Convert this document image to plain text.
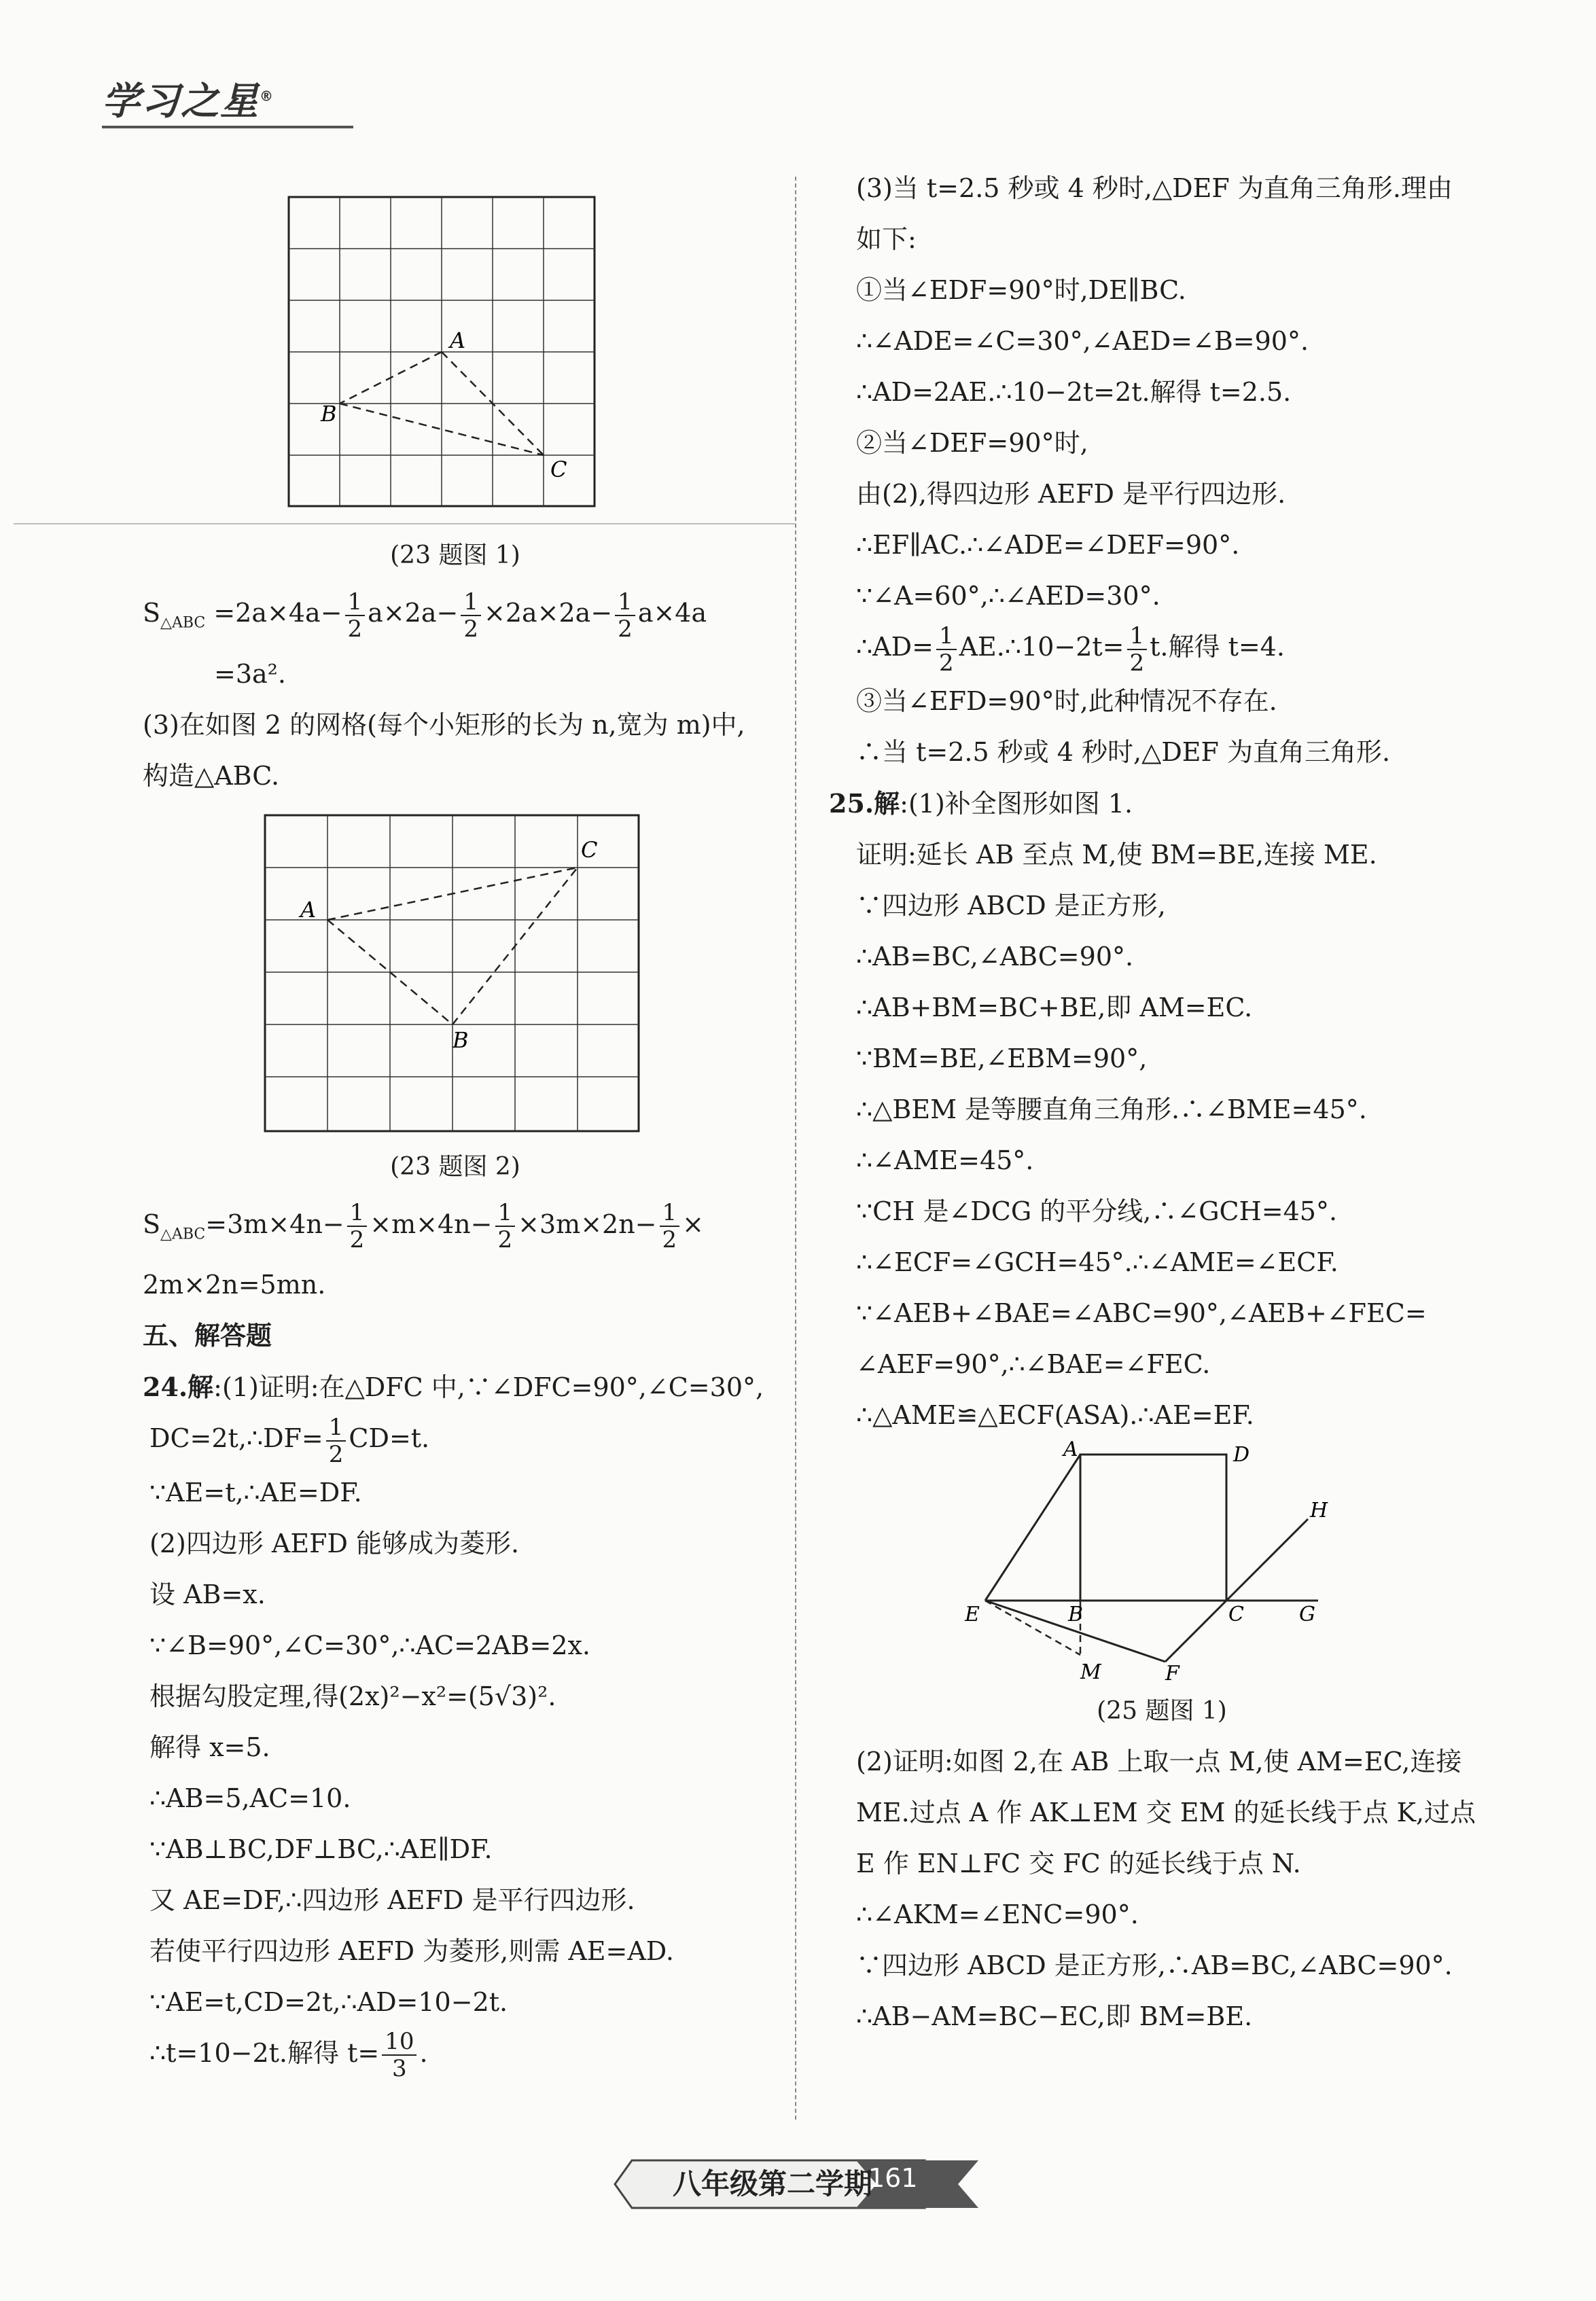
学习之星®
A
B
C
(23 题图 1)
$S_{\triangle ABC} =2a\times 4a- \frac{1}{2} a\times 2a- \frac{1}{2} \times 2a\times 2a- \frac{1}{2} a\times 4a$
=3a².
(3)在如图 2 的网格(每个小矩形的长为 n,宽为 m)中,
构造△ABC.
A
B
C
(23 题图 2)
$S_{\triangle ABC}=3m\times 4n- \frac{1}{2} \times m\times 4n- \frac{1}{2} \times 3m\times 2n- \frac{1}{2}$ ×
2m×2n=5mn.
五、解答题
24.解:(1)证明:在△DFC 中,∵∠DFC=90°,∠C=30°,
DC=2t,∴DF= $\frac{1}{2} CD=t$.
∵AE=t,∴AE=DF.
(2)四边形 AEFD 能够成为菱形.
设 AB=x.
∵∠B=90°,∠C=30°,∴AC=2AB=2x.
根据勾股定理,得(2x)²−x²=(5√3)².
解得 x=5.
∴AB=5,AC=10.
∵AB⊥BC,DF⊥BC,∴AE∥DF.
又 AE=DF,∴四边形 AEFD 是平行四边形.
若使平行四边形 AEFD 为菱形,则需 AE=AD.
∵AE=t,CD=2t,∴AD=10−2t.
∴t=10−2t.解得 $t= \frac{10}{3}$ .
(3)当 t=2.5 秒或 4 秒时,△DEF 为直角三角形.理由
如下:
①当∠EDF=90°时,DE∥BC.
∴∠ADE=∠C=30°,∠AED=∠B=90°.
∴AD=2AE.∴10−2t=2t.解得 t=2.5.
②当∠DEF=90°时,
由(2),得四边形 AEFD 是平行四边形.
∴EF∥AC.∴∠ADE=∠DEF=90°.
∵∠A=60°,∴∠AED=30°.
∴AD= $\frac{1}{2}$ AE.∴10−2t= $\frac{1}{2} t$.解得 t=4.
③当∠EFD=90°时,此种情况不存在.
∴当 t=2.5 秒或 4 秒时,△DEF 为直角三角形.
25.解:(1)补全图形如图 1.
证明:延长 AB 至点 M,使 BM=BE,连接 ME.
∵四边形 ABCD 是正方形,
∴AB=BC,∠ABC=90°.
∴AB+BM=BC+BE,即 AM=EC.
∵BM=BE,∠EBM=90°,
∴△BEM 是等腰直角三角形.∴∠BME=45°.
∴∠AME=45°.
∵CH 是∠DCG 的平分线,∴∠GCH=45°.
∴∠ECF=∠GCH=45°.∴∠AME=∠ECF.
∵∠AEB+∠BAE=∠ABC=90°,∠AEB+∠FEC=
∠AEF=90°,∴∠BAE=∠FEC.
∴△AME≌△ECF(ASA).∴AE=EF.
A	D
H
E	B	C	G
M	F
(25 题图 1)
(2)证明:如图 2,在 AB 上取一点 M,使 AM=EC,连接
ME.过点 A 作 AK⊥EM 交 EM 的延长线于点 K,过点
E 作 EN⊥FC 交 FC 的延长线于点 N.
∴∠AKM=∠ENC=90°.
∵四边形 ABCD 是正方形,∴AB=BC,∠ABC=90°.
∴AB−AM=BC−EC,即 BM=BE.
八年级第二学期
161
